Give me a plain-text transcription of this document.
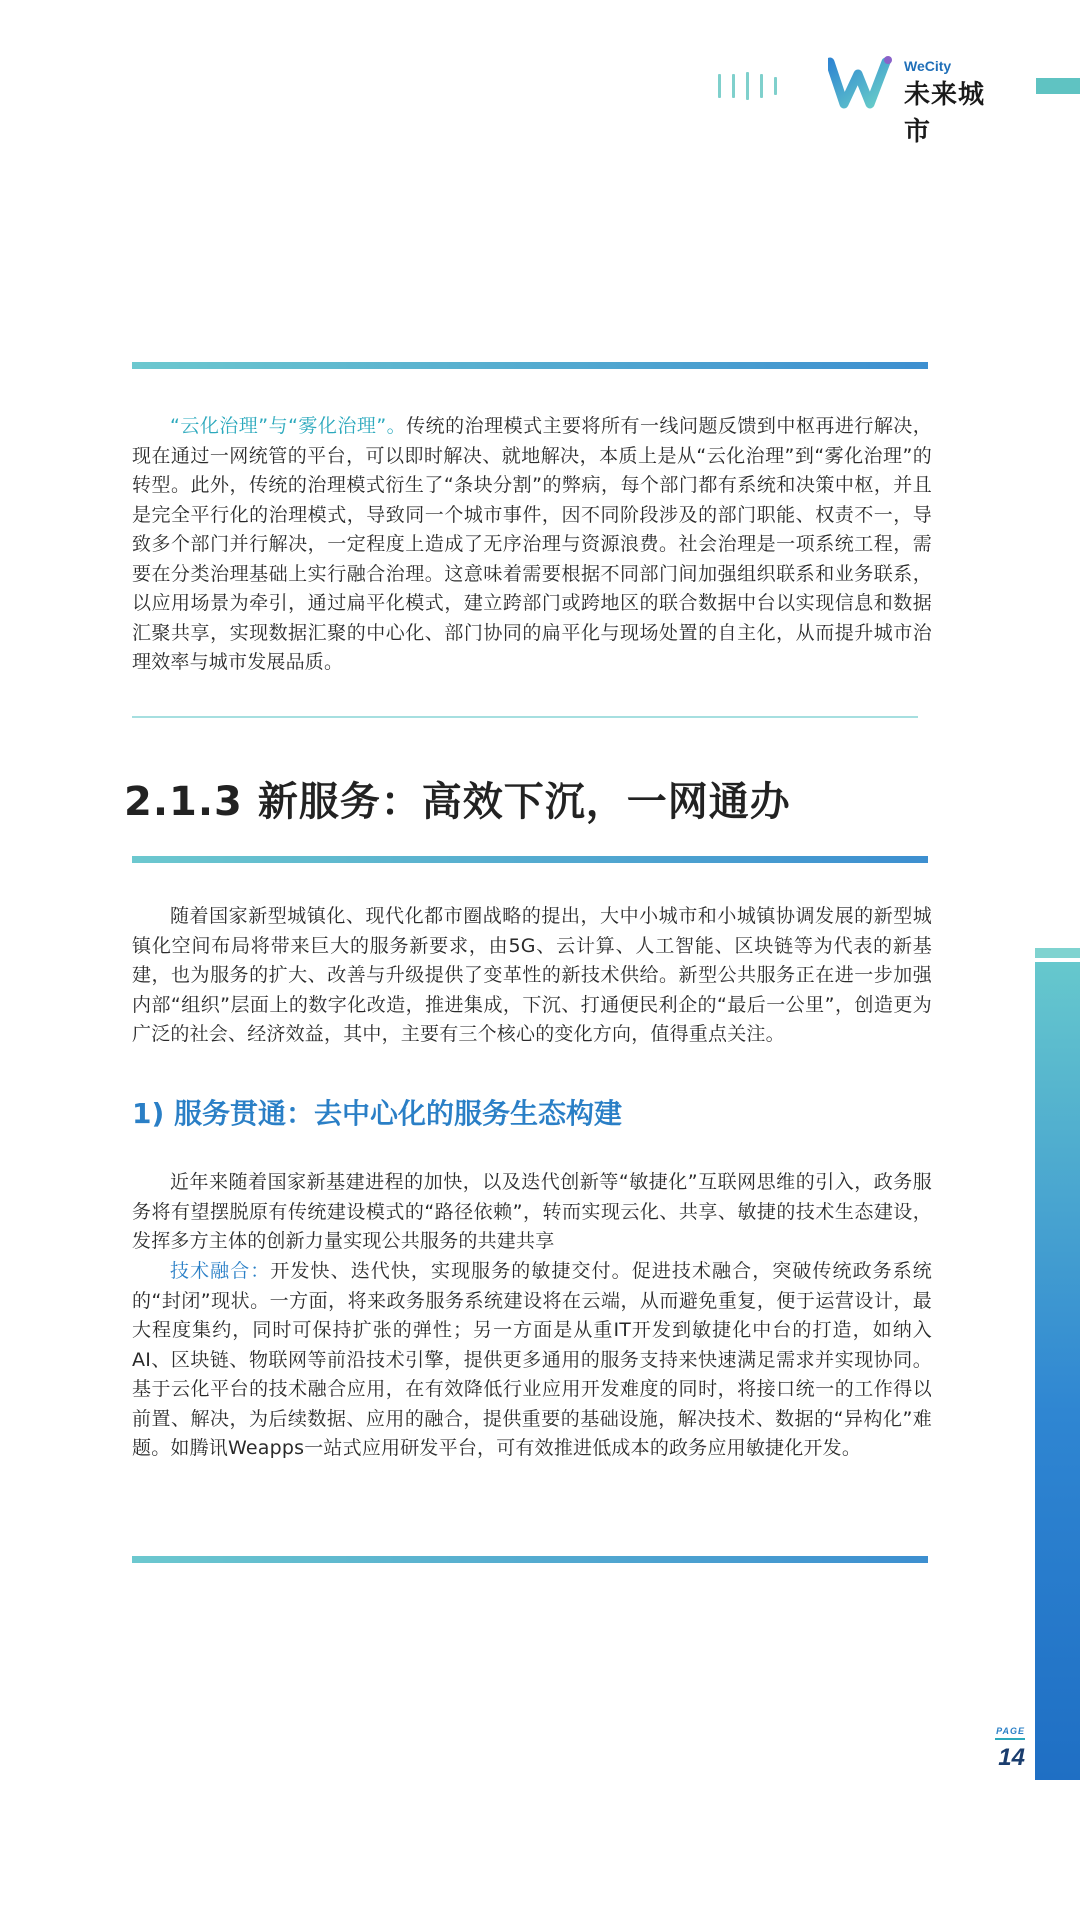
WeCity
未来城市

“云化治理”与“雾化治理”。传统的治理模式主要将所有一线问题反馈到中枢再进行解决，现在通过一网统管的平台，可以即时解决、就地解决，本质上是从“云化治理”到“雾化治理”的转型。此外，传统的治理模式衍生了“条块分割”的弊病，每个部门都有系统和决策中枢，并且是完全平行化的治理模式，导致同一个城市事件，因不同阶段涉及的部门职能、权责不一，导致多个部门并行解决，一定程度上造成了无序治理与资源浪费。社会治理是一项系统工程，需要在分类治理基础上实行融合治理。这意味着需要根据不同部门间加强组织联系和业务联系，以应用场景为牵引，通过扁平化模式，建立跨部门或跨地区的联合数据中台以实现信息和数据汇聚共享，实现数据汇聚的中心化、部门协同的扁平化与现场处置的自主化，从而提升城市治理效率与城市发展品质。

2.1.3 新服务：高效下沉，一网通办

随着国家新型城镇化、现代化都市圈战略的提出，大中小城市和小城镇协调发展的新型城镇化空间布局将带来巨大的服务新要求，由5G、云计算、人工智能、区块链等为代表的新基建，也为服务的扩大、改善与升级提供了变革性的新技术供给。新型公共服务正在进一步加强内部“组织”层面上的数字化改造，推进集成，下沉、打通便民利企的“最后一公里”，创造更为广泛的社会、经济效益，其中，主要有三个核心的变化方向，值得重点关注。

1) 服务贯通：去中心化的服务生态构建

近年来随着国家新基建进程的加快，以及迭代创新等“敏捷化”互联网思维的引入，政务服务将有望摆脱原有传统建设模式的“路径依赖”，转而实现云化、共享、敏捷的技术生态建设，发挥多方主体的创新力量实现公共服务的共建共享

技术融合：开发快、迭代快，实现服务的敏捷交付。促进技术融合，突破传统政务系统的“封闭”现状。一方面，将来政务服务系统建设将在云端，从而避免重复，便于运营设计，最大程度集约，同时可保持扩张的弹性；另一方面是从重IT开发到敏捷化中台的打造，如纳入AI、区块链、物联网等前沿技术引擎，提供更多通用的服务支持来快速满足需求并实现协同。基于云化平台的技术融合应用，在有效降低行业应用开发难度的同时，将接口统一的工作得以前置、解决，为后续数据、应用的融合，提供重要的基础设施，解决技术、数据的“异构化”难题。如腾讯Weapps一站式应用研发平台，可有效推进低成本的政务应用敏捷化开发。

PAGE
14
